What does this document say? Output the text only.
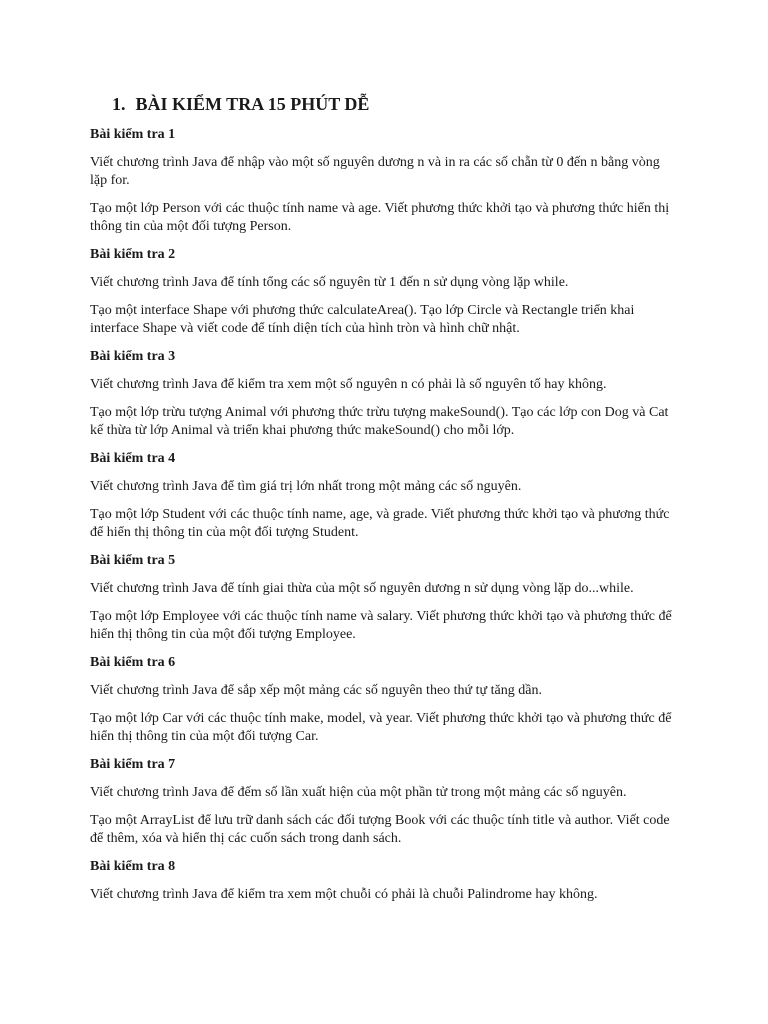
1. BÀI KIỂM TRA 15 PHÚT DỄ
Bài kiểm tra 1

Viết chương trình Java để nhập vào một số nguyên dương n và in ra các số chẵn từ 0 đến n bằng vòng lặp for.

Tạo một lớp Person với các thuộc tính name và age. Viết phương thức khởi tạo và phương thức hiển thị thông tin của một đối tượng Person.

Bài kiểm tra 2

Viết chương trình Java để tính tổng các số nguyên từ 1 đến n sử dụng vòng lặp while.

Tạo một interface Shape với phương thức calculateArea(). Tạo lớp Circle và Rectangle triển khai interface Shape và viết code để tính diện tích của hình tròn và hình chữ nhật.

Bài kiểm tra 3

Viết chương trình Java để kiểm tra xem một số nguyên n có phải là số nguyên tố hay không.

Tạo một lớp trừu tượng Animal với phương thức trừu tượng makeSound(). Tạo các lớp con Dog và Cat kế thừa từ lớp Animal và triển khai phương thức makeSound() cho mỗi lớp.

Bài kiểm tra 4

Viết chương trình Java để tìm giá trị lớn nhất trong một mảng các số nguyên.

Tạo một lớp Student với các thuộc tính name, age, và grade. Viết phương thức khởi tạo và phương thức để hiển thị thông tin của một đối tượng Student.

Bài kiểm tra 5

Viết chương trình Java để tính giai thừa của một số nguyên dương n sử dụng vòng lặp do...while.

Tạo một lớp Employee với các thuộc tính name và salary. Viết phương thức khởi tạo và phương thức để hiển thị thông tin của một đối tượng Employee.

Bài kiểm tra 6

Viết chương trình Java để sắp xếp một mảng các số nguyên theo thứ tự tăng dần.

Tạo một lớp Car với các thuộc tính make, model, và year. Viết phương thức khởi tạo và phương thức để hiển thị thông tin của một đối tượng Car.

Bài kiểm tra 7

Viết chương trình Java để đếm số lần xuất hiện của một phần tử trong một mảng các số nguyên.

Tạo một ArrayList để lưu trữ danh sách các đối tượng Book với các thuộc tính title và author. Viết code để thêm, xóa và hiển thị các cuốn sách trong danh sách.

Bài kiểm tra 8

Viết chương trình Java để kiểm tra xem một chuỗi có phải là chuỗi Palindrome hay không.
